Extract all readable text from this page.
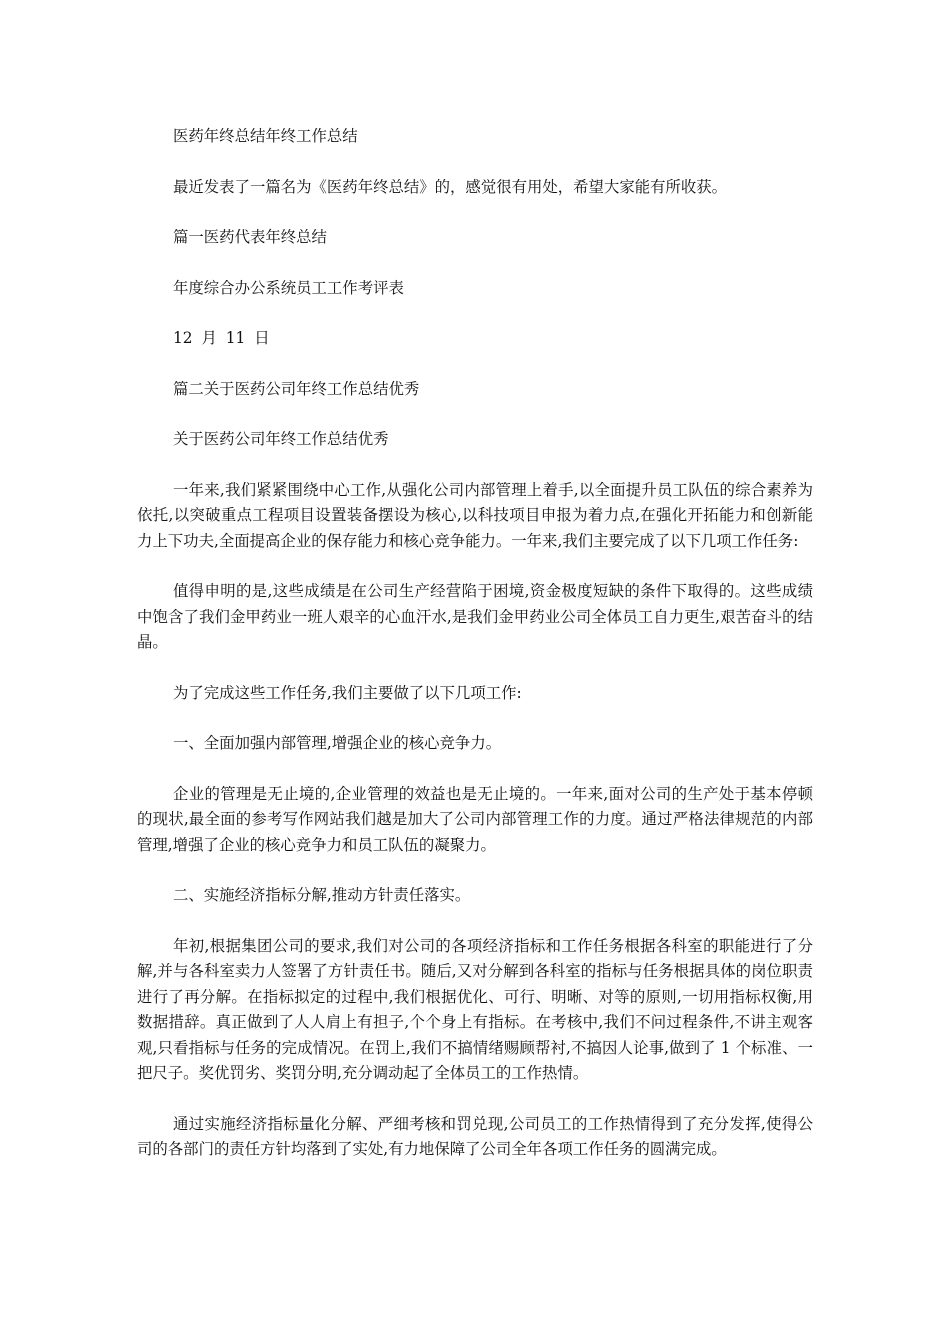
医药年终总结年终工作总结
最近发表了一篇名为《医药年终总结》的，感觉很有用处，希望大家能有所收获。
篇一医药代表年终总结
年度综合办公系统员工工作考评表
12 月 11 日
篇二关于医药公司年终工作总结优秀
关于医药公司年终工作总结优秀

一年来,我们紧紧围绕中心工作,从强化公司内部管理上着手,以全面提升员工队伍的综合素养为依托,以突破重点工程项目设置装备摆设为核心,以科技项目申报为着力点,在强化开拓能力和创新能力上下功夫,全面提高企业的保存能力和核心竞争能力。一年来,我们主要完成了以下几项工作任务:

值得申明的是,这些成绩是在公司生产经营陷于困境,资金极度短缺的条件下取得的。这些成绩中饱含了我们金甲药业一班人艰辛的心血汗水,是我们金甲药业公司全体员工自力更生,艰苦奋斗的结晶。

为了完成这些工作任务,我们主要做了以下几项工作:

一、全面加强内部管理,增强企业的核心竞争力。

企业的管理是无止境的,企业管理的效益也是无止境的。一年来,面对公司的生产处于基本停顿的现状,最全面的参考写作网站我们越是加大了公司内部管理工作的力度。通过严格法律规范的内部管理,增强了企业的核心竞争力和员工队伍的凝聚力。

二、实施经济指标分解,推动方针责任落实。

年初,根据集团公司的要求,我们对公司的各项经济指标和工作任务根据各科室的职能进行了分解,并与各科室卖力人签署了方针责任书。随后,又对分解到各科室的指标与任务根据具体的岗位职责进行了再分解。在指标拟定的过程中,我们根据优化、可行、明晰、对等的原则,一切用指标权衡,用数据措辞。真正做到了人人肩上有担子,个个身上有指标。在考核中,我们不问过程条件,不讲主观客观,只看指标与任务的完成情况。在罚上,我们不搞情绪赐顾帮衬,不搞因人论事,做到了 1 个标准、一把尺子。奖优罚劣、奖罚分明,充分调动起了全体员工的工作热情。

通过实施经济指标量化分解、严细考核和罚兑现,公司员工的工作热情得到了充分发挥,使得公司的各部门的责任方针均落到了实处,有力地保障了公司全年各项工作任务的圆满完成。
